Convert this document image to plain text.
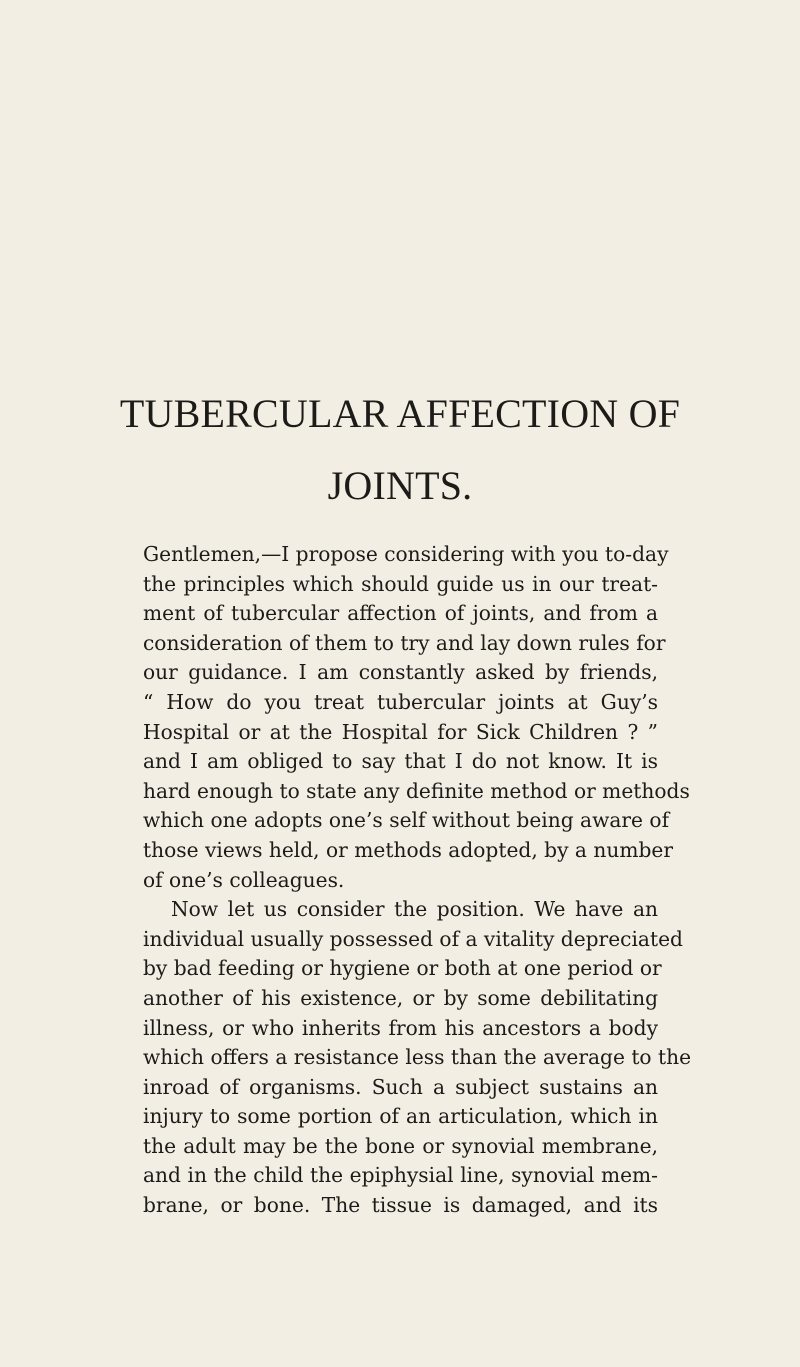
TUBERCULAR AFFECTION OF
JOINTS.
Gentlemen,—I propose considering with you to-day
the principles which should guide us in our treat-
ment of tubercular affection of joints, and from a
consideration of them to try and lay down rules for
our guidance. I am constantly asked by friends,
“ How do you treat tubercular joints at Guy’s
Hospital or at the Hospital for Sick Children ? ”
and I am obliged to say that I do not know. It is
hard enough to state any definite method or methods
which one adopts one’s self without being aware of
those views held, or methods adopted, by a number
of one’s colleagues.
Now let us consider the position. We have an
individual usually possessed of a vitality depreciated
by bad feeding or hygiene or both at one period or
another of his existence, or by some debilitating
illness, or who inherits from his ancestors a body
which offers a resistance less than the average to the
inroad of organisms. Such a subject sustains an
injury to some portion of an articulation, which in
the adult may be the bone or synovial membrane,
and in the child the epiphysial line, synovial mem-
brane, or bone. The tissue is damaged, and its
